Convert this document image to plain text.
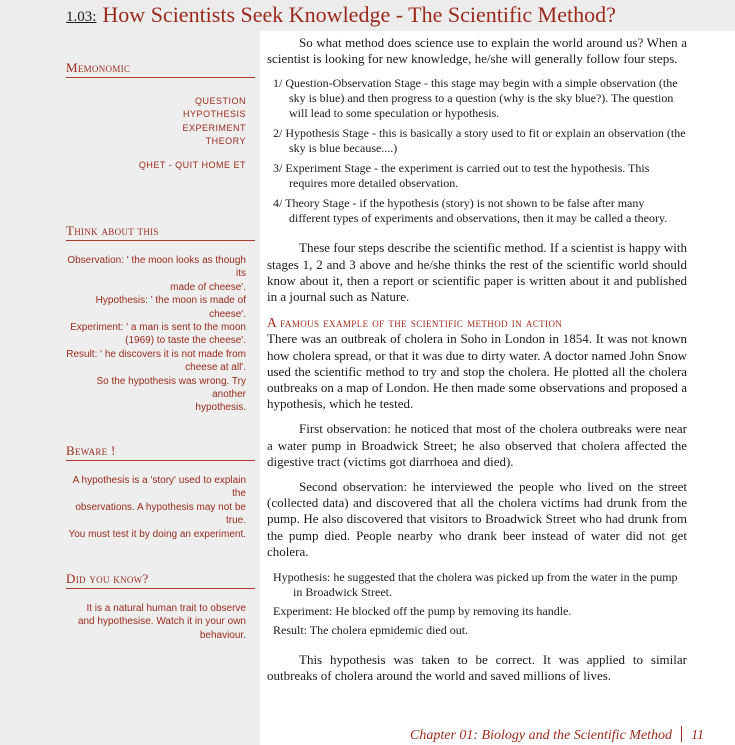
1.03: How Scientists Seek Knowledge - The Scientific Method?
Memonomic
QUESTION
HYPOTHESIS
EXPERIMENT
THEORY
QHET - QUIT HOME ET
Think about this
Observation: ' the moon looks as though its
made of cheese'.
Hypothesis: ' the moon is made of cheese'.
Experiment: ' a man is sent to the moon
(1969) to taste the cheese'.
Result: ' he discovers it is not made from
cheese at all'.
So the hypothesis was wrong. Try another
hypothesis.
Beware !
A hypothesis is a 'story' used to explain the
observations. A hypothesis may not be true.
You must test it by doing an experiment.
Did you know?
It is a natural human trait to observe
and hypothesise. Watch it in your own
behaviour.

So what method does science use to explain the world around us? When a scientist is looking for new knowledge, he/she will generally follow four steps.

1/ Question-Observation Stage - this stage may begin with a simple observation (the sky is blue) and then progress to a question (why is the sky blue?). The question will lead to some speculation or hypothesis.

2/ Hypothesis Stage - this is basically a story used to fit or explain an observation (the sky is blue because....)

3/ Experiment Stage - the experiment is carried out to test the hypothesis. This requires more detailed observation.

4/ Theory Stage - if the hypothesis (story) is not shown to be false after many different types of experiments and observations, then it may be called a theory.

These four steps describe the scientific method. If a scientist is happy with stages 1, 2 and 3 above and he/she thinks the rest of the scientific world should know about it, then a report or scientific paper is written about it and published in a journal such as Nature.

A famous example of the scientific method in action

There was an outbreak of cholera in Soho in London in 1854. It was not known how cholera spread, or that it was due to dirty water. A doctor named John Snow used the scientific method to try and stop the cholera. He plotted all the cholera outbreaks on a map of London. He then made some observations and proposed a hypothesis, which he tested.

First observation: he noticed that most of the cholera outbreaks were near a water pump in Broadwick Street; he also observed that cholera affected the digestive tract (victims got diarrhoea and died).

Second observation: he interviewed the people who lived on the street (collected data) and discovered that all the cholera victims had drunk from the pump. He also discovered that visitors to Broadwick Street who had drunk from the pump died. People nearby who drank beer instead of water did not get cholera.

Hypothesis: he suggested that the cholera was picked up from the water in the pump in Broadwick Street.

Experiment: He blocked off the pump by removing its handle.

Result: The cholera epmidemic died out.

This hypothesis was taken to be correct. It was applied to similar outbreaks of cholera around the world and saved millions of lives.

Chapter 01: Biology and the Scientific Method 11
